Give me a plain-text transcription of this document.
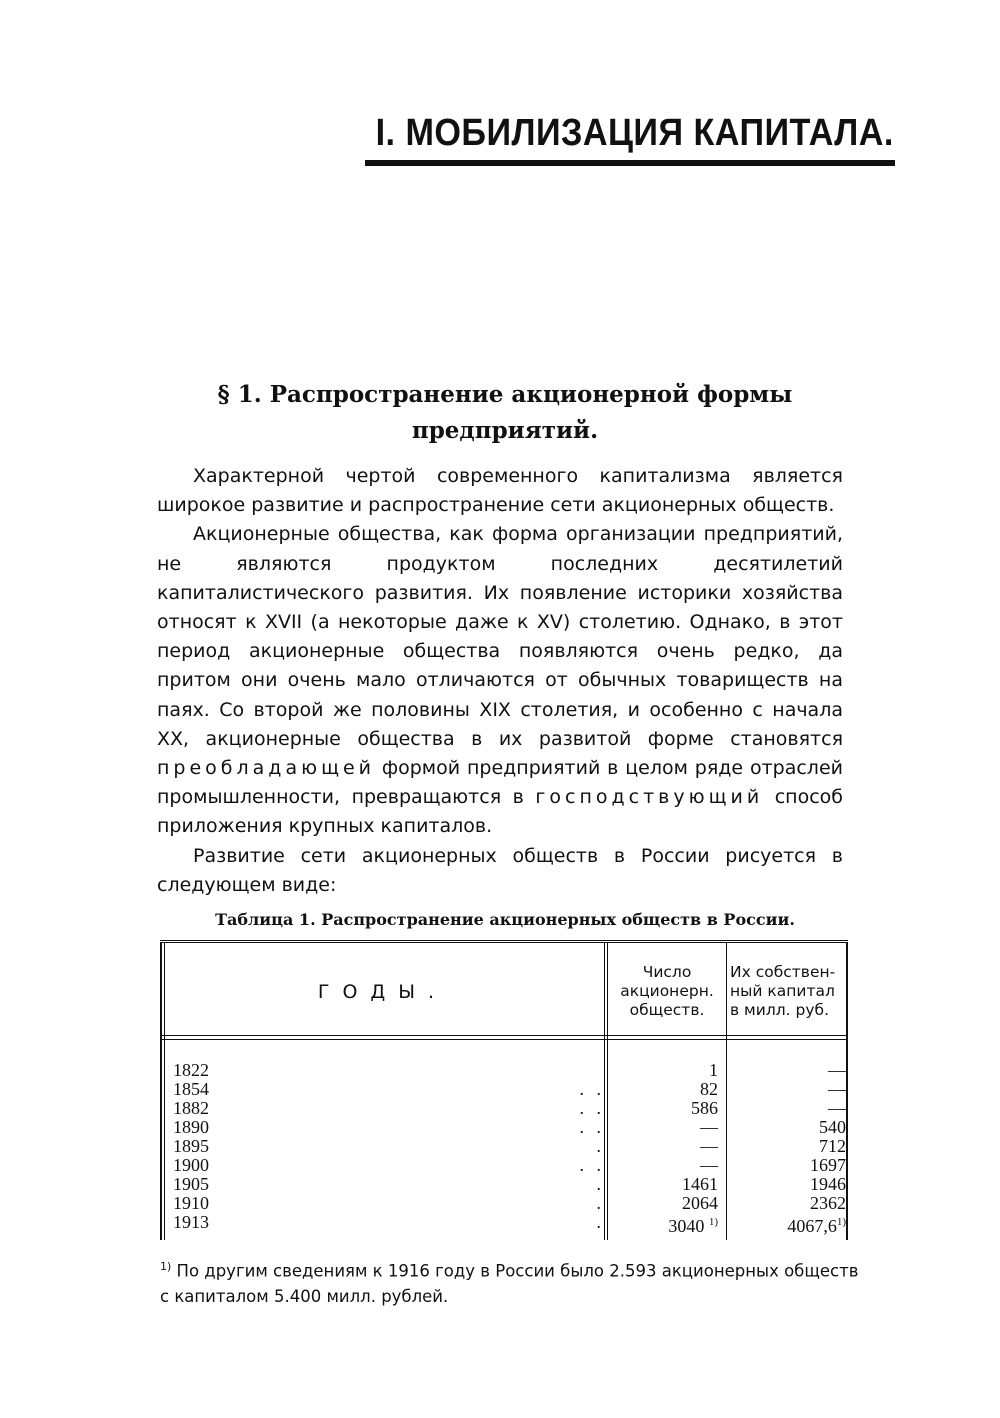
I. МОБИЛИЗАЦИЯ КАПИТАЛА.
§ 1. Распространение акционерной формы
предприятий.

Характерной чертой современного капитализма является широкое развитие и распространение сети акционерных обществ.

Акционерные общества, как форма организации предприятий, не являются продуктом последних десятилетий капиталистического развития. Их появление историки хозяйства относят к XVII (а некоторые даже к XV) столетию. Однако, в этот период акционерные общества появляются очень редко, да притом они очень мало отличаются от обычных товариществ на паях. Со второй же половины XIX столетия, и особенно с начала XX, акционерные общества в их развитой форме становятся преобладающей формой предприятий в целом ряде отраслей промышленности, превращаются в господствующий способ приложения крупных капиталов.

Развитие сети акционерных обществ в России рисуется в следующем виде:

Таблица 1. Распространение акционерных обществ в России.
ГОДЫ.
Число
акционерн.
обществ.
Их собствен-
ный капитал
в милл. руб.
1822
1854
1882
1890
1895
1900
1905
1910
1913
. .
. .
. .
.
. .
.
.
.
1
82
586
—
—
—
1461
2064
3040 $^{1)}$
—
—
—
540
712
1697
1946
2362
4067,6$^{1)}$

$^{1)}$ По другим сведениям к 1916 году в России было 2.593 акционерных обществ с капиталом 5.400 милл. рублей.
